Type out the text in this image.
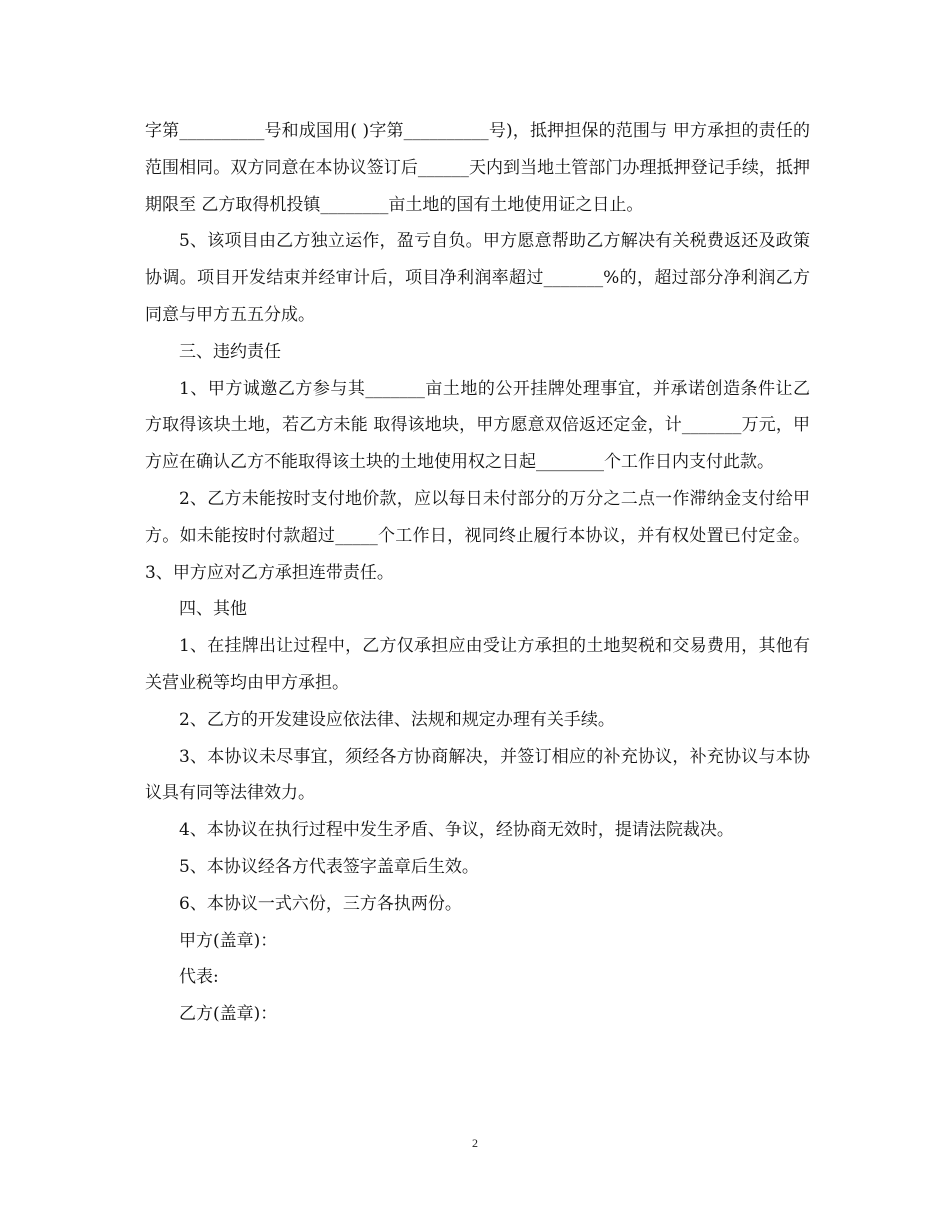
字第__________号和成国用( )字第__________号)，抵押担保的范围与 甲方承担的责任的范围相同。双方同意在本协议签订后______天内到当地土管部门办理抵押登记手续，抵押期限至 乙方取得机投镇________亩土地的国有土地使用证之日止。

5、该项目由乙方独立运作，盈亏自负。甲方愿意帮助乙方解决有关税费返还及政策协调。项目开发结束并经审计后，项目净利润率超过_______%的，超过部分净利润乙方同意与甲方五五分成。

三、违约责任

1、甲方诚邀乙方参与其_______亩土地的公开挂牌处理事宜，并承诺创造条件让乙方取得该块土地，若乙方未能 取得该地块，甲方愿意双倍返还定金，计_______万元，甲方应在确认乙方不能取得该土块的土地使用权之日起________个工作日内支付此款。

2、乙方未能按时支付地价款，应以每日未付部分的万分之二点一作滞纳金支付给甲方。如未能按时付款超过_____个工作日，视同终止履行本协议，并有权处置已付定金。3、甲方应对乙方承担连带责任。

四、其他

1、在挂牌出让过程中，乙方仅承担应由受让方承担的土地契税和交易费用，其他有关营业税等均由甲方承担。

2、乙方的开发建设应依法律、法规和规定办理有关手续。

3、本协议未尽事宜，须经各方协商解决，并签订相应的补充协议，补充协议与本协议具有同等法律效力。

4、本协议在执行过程中发生矛盾、争议，经协商无效时，提请法院裁决。

5、本协议经各方代表签字盖章后生效。

6、本协议一式六份，三方各执两份。

甲方(盖章)：

代表:

乙方(盖章)：

2
